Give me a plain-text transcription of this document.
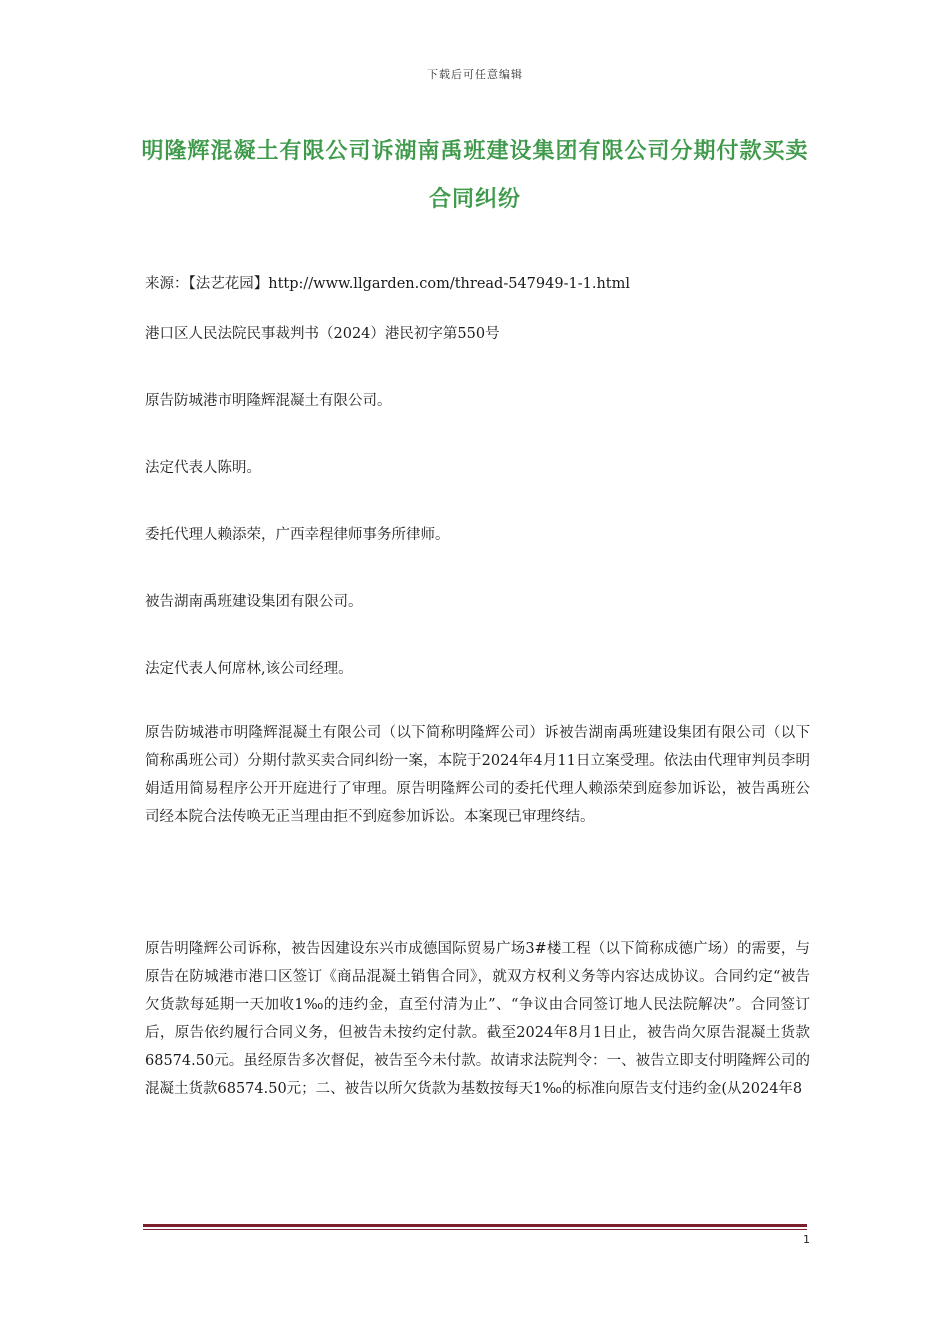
下载后可任意编辑
明隆辉混凝土有限公司诉湖南禹班建设集团有限公司分期付款买卖合同纠纷

来源：【法艺花园】http://www.llgarden.com/thread-547949-1-1.html

港口区人民法院民事裁判书（2024）港民初字第550号

原告防城港市明隆辉混凝土有限公司。

法定代表人陈明。

委托代理人赖添荣，广西幸程律师事务所律师。

被告湖南禹班建设集团有限公司。

法定代表人何席林,该公司经理。

原告防城港市明隆辉混凝土有限公司（以下简称明隆辉公司）诉被告湖南禹班建设集团有限公司（以下简称禹班公司）分期付款买卖合同纠纷一案，本院于2024年4月11日立案受理。依法由代理审判员李明娟适用简易程序公开开庭进行了审理。原告明隆辉公司的委托代理人赖添荣到庭参加诉讼，被告禹班公司经本院合法传唤无正当理由拒不到庭参加诉讼。本案现已审理终结。

原告明隆辉公司诉称，被告因建设东兴市成德国际贸易广场3#楼工程（以下简称成德广场）的需要，与原告在防城港市港口区签订《商品混凝土销售合同》，就双方权利义务等内容达成协议。合同约定“被告欠货款每延期一天加收1‰的违约金，直至付清为止”、“争议由合同签订地人民法院解决”。合同签订后，原告依约履行合同义务，但被告未按约定付款。截至2024年8月1日止，被告尚欠原告混凝土货款68574.50元。虽经原告多次督促，被告至今未付款。故请求法院判令：一、被告立即支付明隆辉公司的混凝土货款68574.50元；二、被告以所欠货款为基数按每天1‰的标准向原告支付违约金(从2024年8

1
